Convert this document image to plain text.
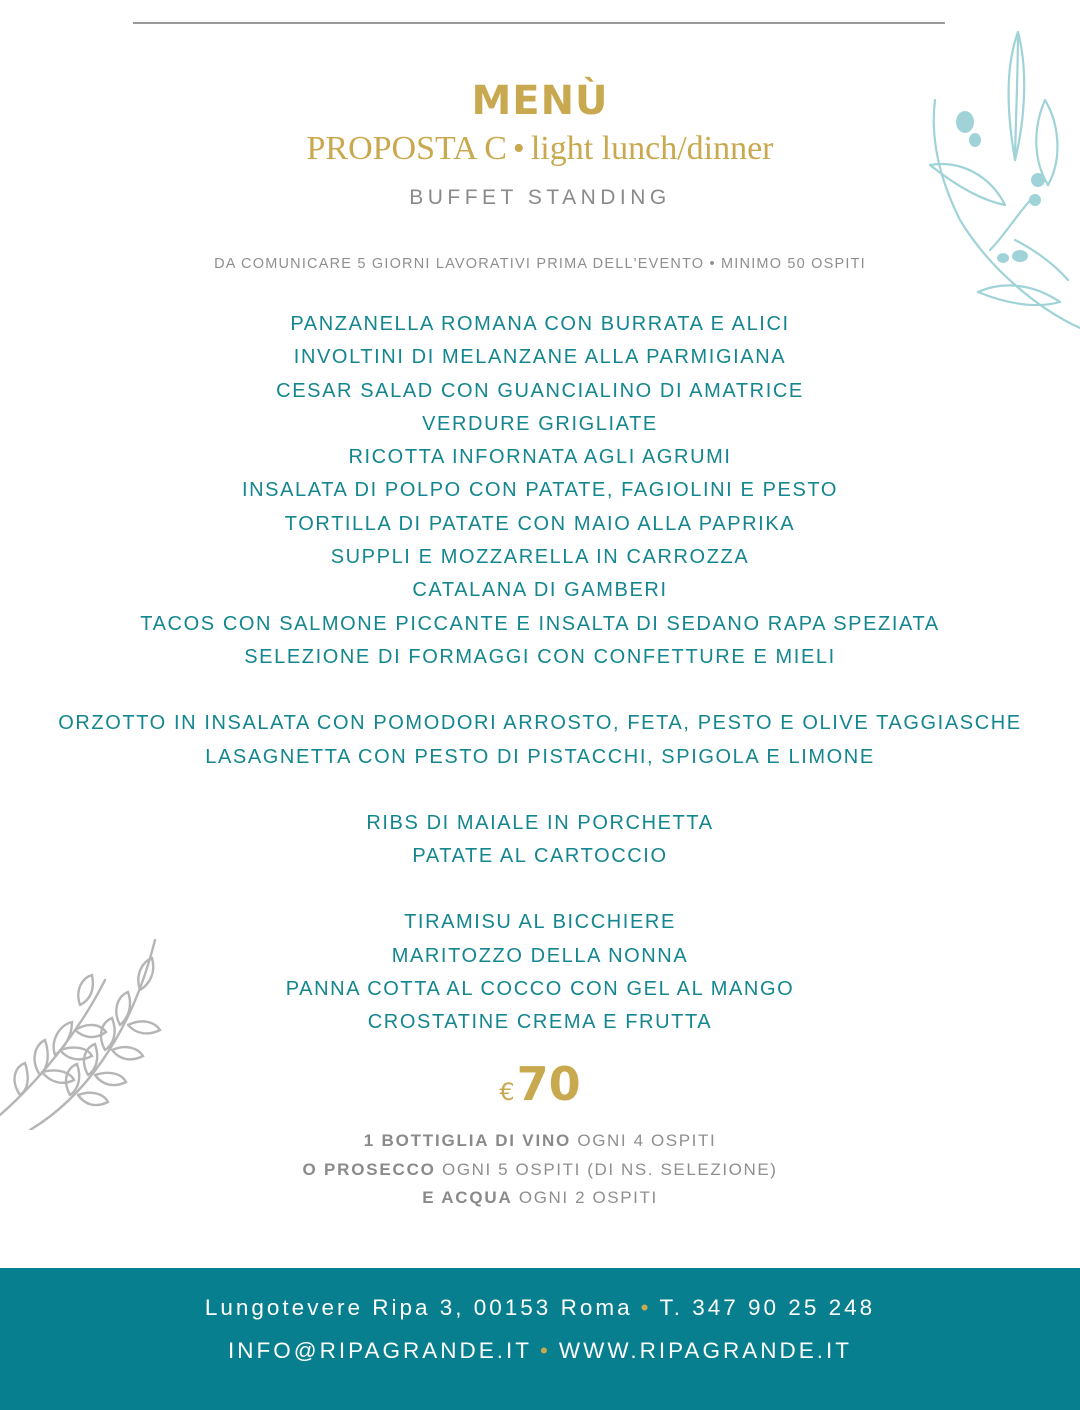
MENÙ
PROPOSTA C • light lunch/dinner
BUFFET STANDING
DA COMUNICARE 5 GIORNI LAVORATIVI PRIMA DELL'EVENTO • MINIMO 50 OSPITI
PANZANELLA ROMANA CON BURRATA E ALICI
INVOLTINI DI MELANZANE ALLA PARMIGIANA
CESAR SALAD CON GUANCIALINO DI AMATRICE
VERDURE GRIGLIATE
RICOTTA INFORNATA AGLI AGRUMI
INSALATA DI POLPO CON PATATE, FAGIOLINI E PESTO
TORTILLA DI PATATE CON MAIO ALLA PAPRIKA
SUPPLI E MOZZARELLA IN CARROZZA
CATALANA DI GAMBERI
TACOS CON SALMONE PICCANTE E INSALTA DI SEDANO RAPA SPEZIATA
SELEZIONE DI FORMAGGI CON CONFETTURE E MIELI
ORZOTTO IN INSALATA CON POMODORI ARROSTO, FETA, PESTO E OLIVE TAGGIASCHE
LASAGNETTA CON PESTO DI PISTACCHI, SPIGOLA E LIMONE
RIBS DI MAIALE IN PORCHETTA
PATATE AL CARTOCCIO
TIRAMISU AL BICCHIERE
MARITOZZO DELLA NONNA
PANNA COTTA AL COCCO CON GEL AL MANGO
CROSTATINE CREMA E FRUTTA
€70
1 BOTTIGLIA DI VINO OGNI 4 OSPITI
O PROSECCO OGNI 5 OSPITI (DI NS. SELEZIONE)
E ACQUA OGNI 2 OSPITI
Lungotevere Ripa 3, 00153 Roma • T. 347 90 25 248
INFO@RIPAGRANDE.IT • WWW.RIPAGRANDE.IT
